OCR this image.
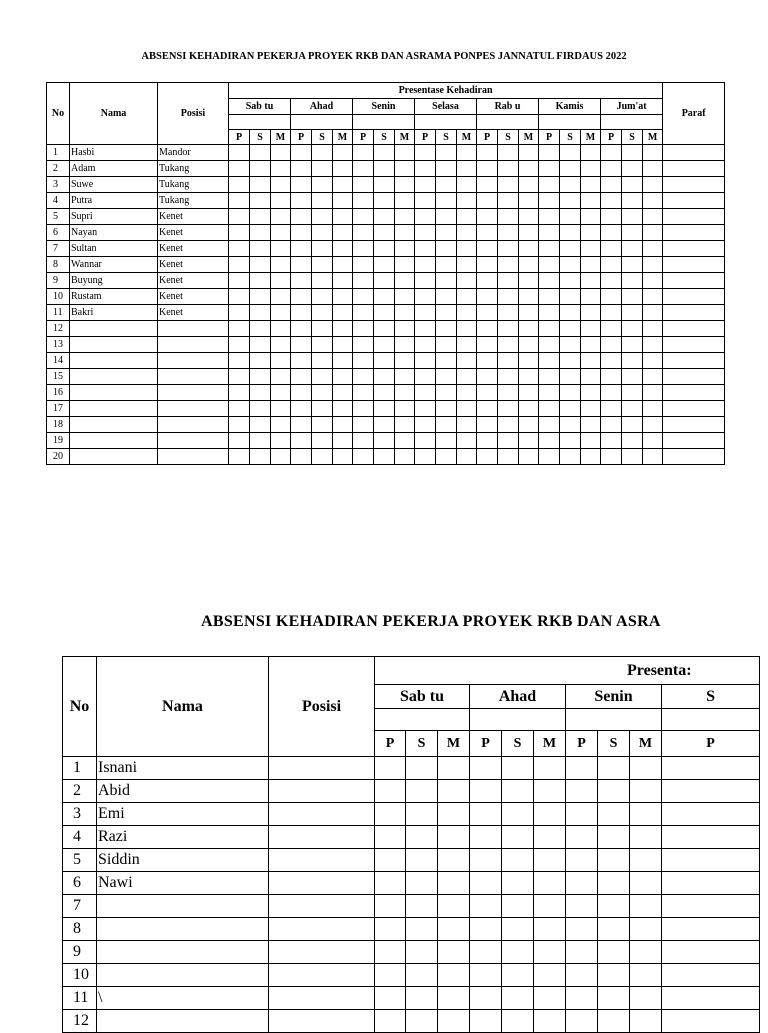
ABSENSI KEHADIRAN PEKERJA PROYEK RKB DAN ASRAMA PONPES JANNATUL FIRDAUS 2022
No	Nama	Posisi	Presentase Kehadiran																					Paraf
			Sab tu			Ahad			Senin			Selasa			Rab u			Kamis			Jum'at			

			P	S	M	P	S	M	P	S	M	P	S	M	P	S	M	P	S	M	P	S	M	
1	Hasbi	Mandor																						
2	Adam	Tukang																						
3	Suwe	Tukang																						
4	Putra	Tukang																						
5	Supri	Kenet																						
6	Nayan	Kenet																						
7	Sultan	Kenet																						
8	Wannar	Kenet																						
9	Buyung	Kenet																						
10	Rustam	Kenet																						
11	Bakri	Kenet																						
12																								
13																								
14																								
15																								
16																								
17																								
18																								
19																								
20																								
ABSENSI KEHADIRAN PEKERJA PROYEK RKB DAN ASRA
No	Nama	Posisi	Presenta:									
			Sab tu			Ahad			Senin			S

			P	S	M	P	S	M	P	S	M	P
1	Isnani											
2	Abid											
3	Emi											
4	Razi											
5	Siddin											
6	Nawi											
7												
8												
9												
10												
11	\											
12												
